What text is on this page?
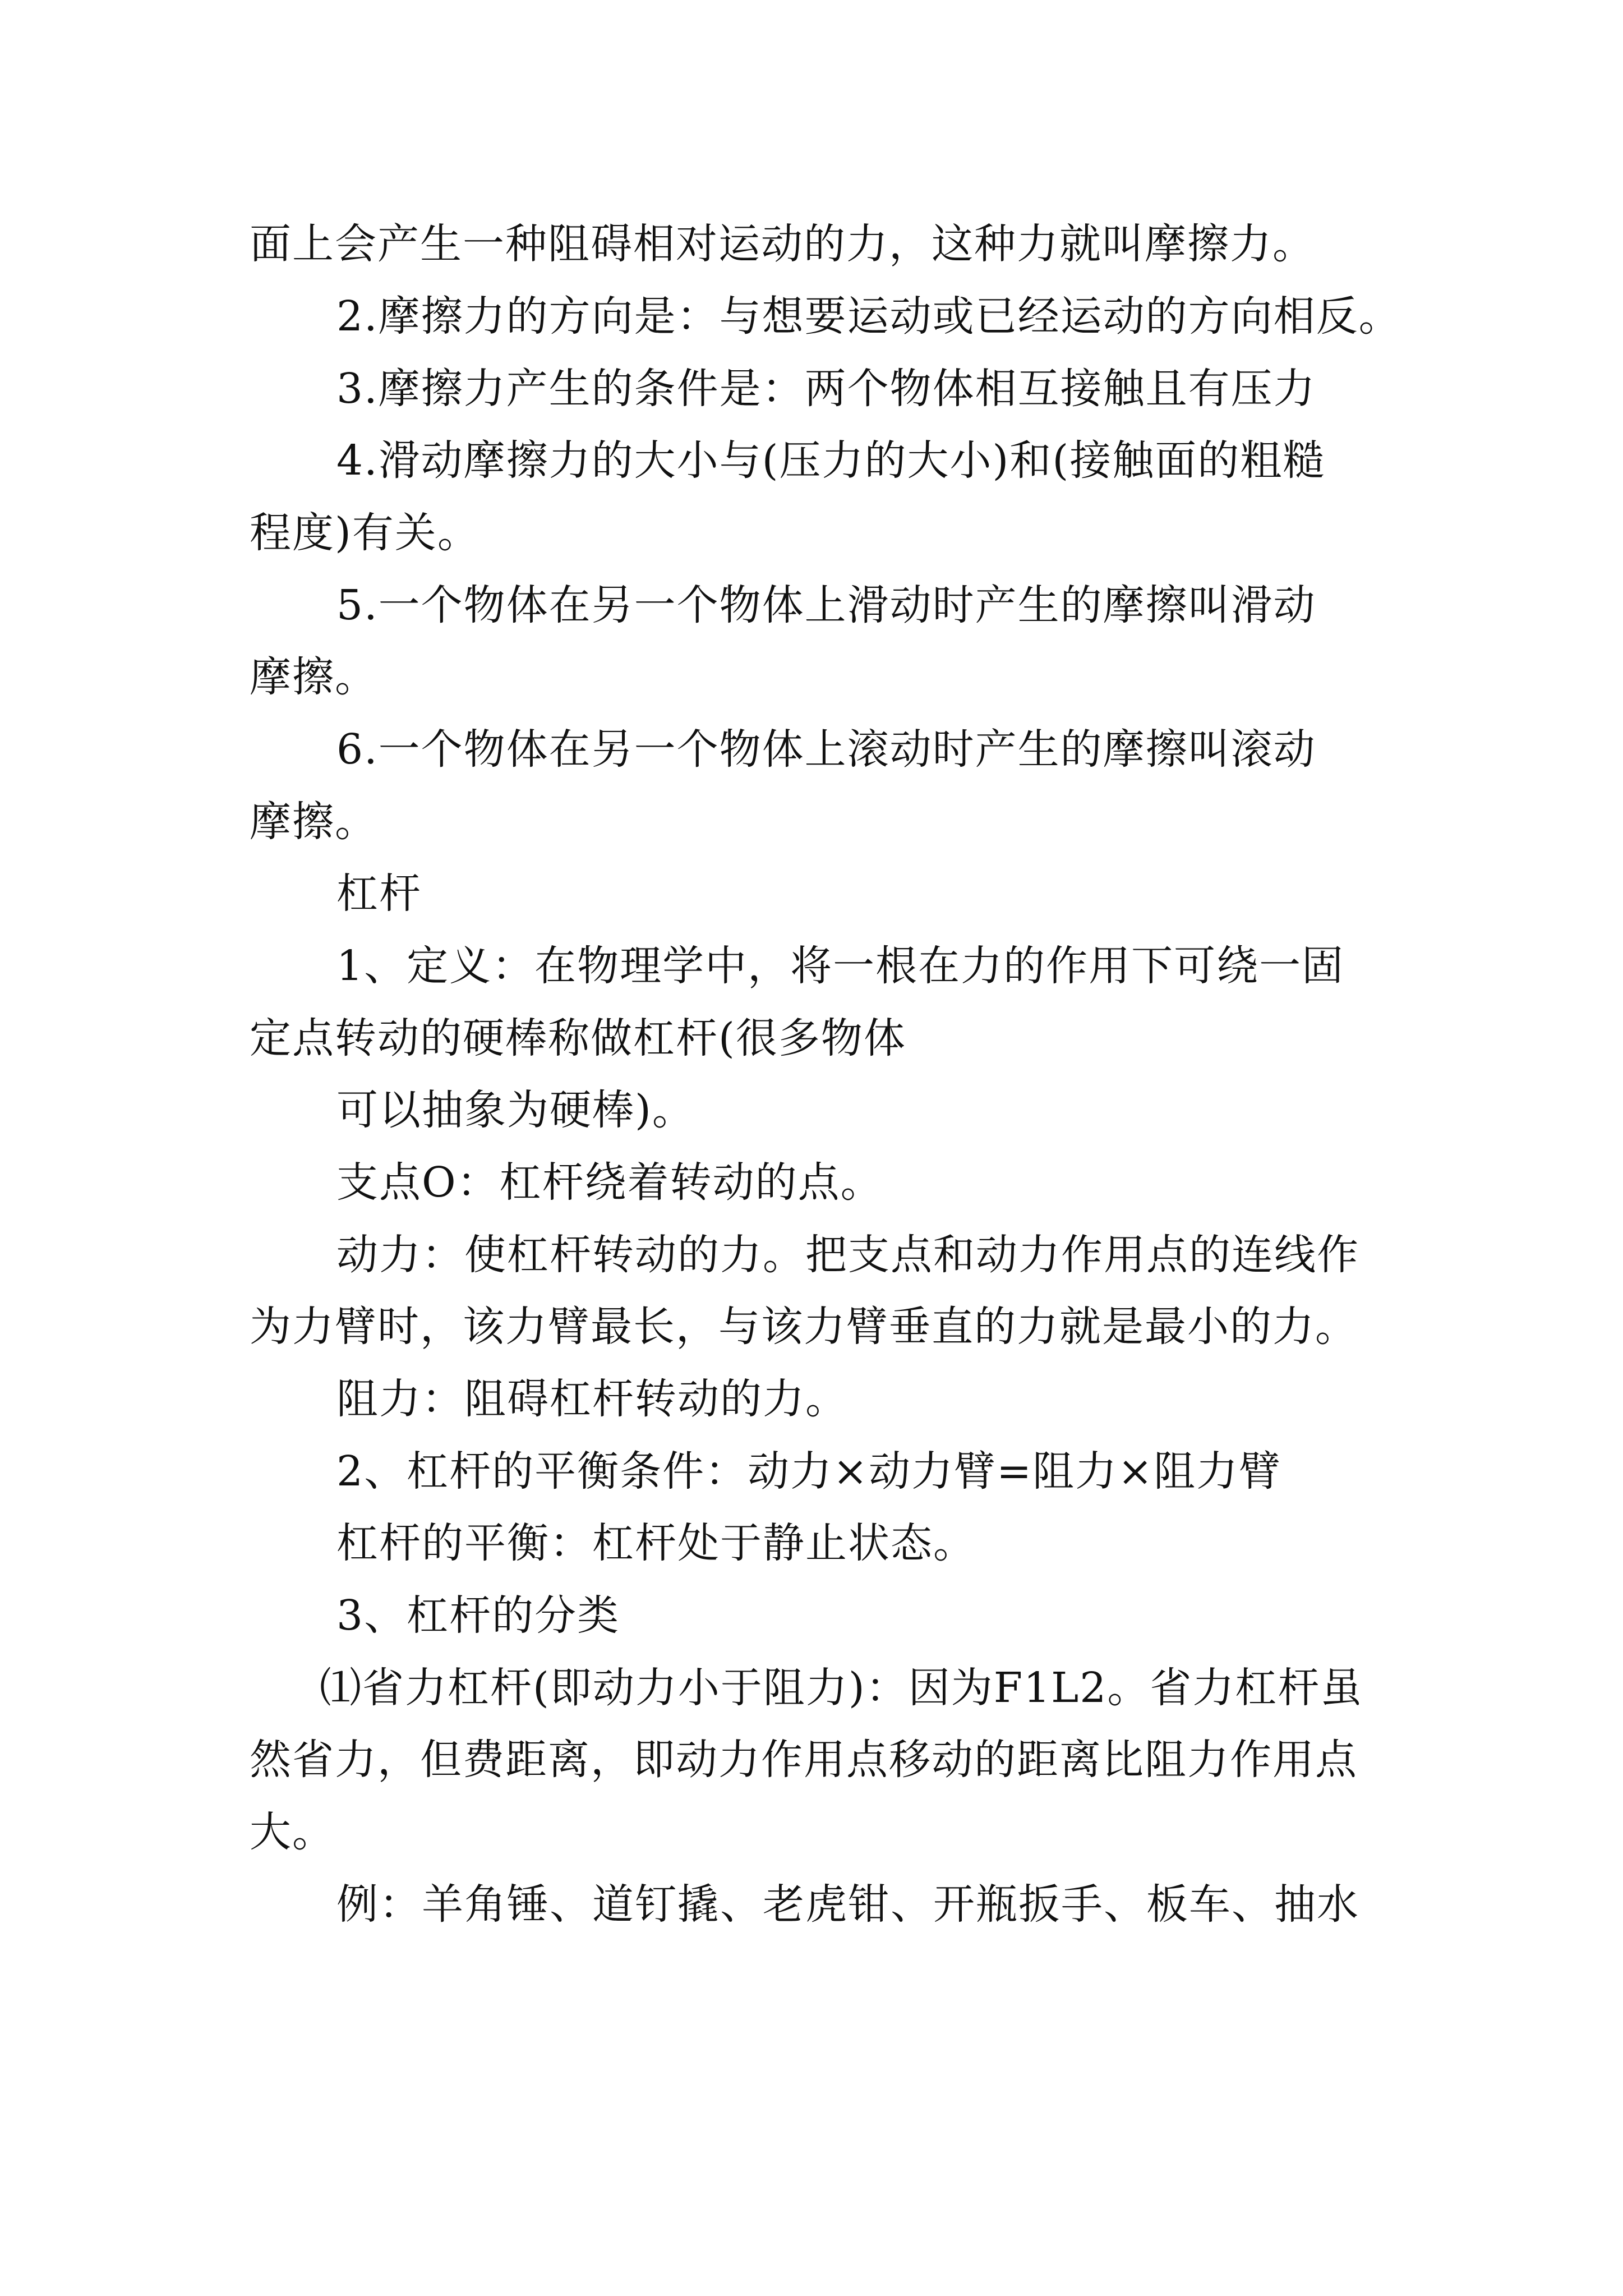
面上会产生一种阻碍相对运动的力，这种力就叫摩擦力。
2.摩擦力的方向是：与想要运动或已经运动的方向相反。
3.摩擦力产生的条件是：两个物体相互接触且有压力
4.滑动摩擦力的大小与(压力的大小)和(接触面的粗糙
程度)有关。
5.一个物体在另一个物体上滑动时产生的摩擦叫滑动
摩擦。
6.一个物体在另一个物体上滚动时产生的摩擦叫滚动
摩擦。
杠杆
1、定义：在物理学中，将一根在力的作用下可绕一固
定点转动的硬棒称做杠杆(很多物体
可以抽象为硬棒)。
支点O：杠杆绕着转动的点。
动力：使杠杆转动的力。把支点和动力作用点的连线作
为力臂时，该力臂最长，与该力臂垂直的力就是最小的力。
阻力：阻碍杠杆转动的力。
2、杠杆的平衡条件：动力×动力臂=阻力×阻力臂
杠杆的平衡：杠杆处于静止状态。
3、杠杆的分类
⑴省力杠杆(即动力小于阻力)：因为F1L2。省力杠杆虽
然省力，但费距离，即动力作用点移动的距离比阻力作用点
大。
例：羊角锤、道钉撬、老虎钳、开瓶扳手、板车、抽水
